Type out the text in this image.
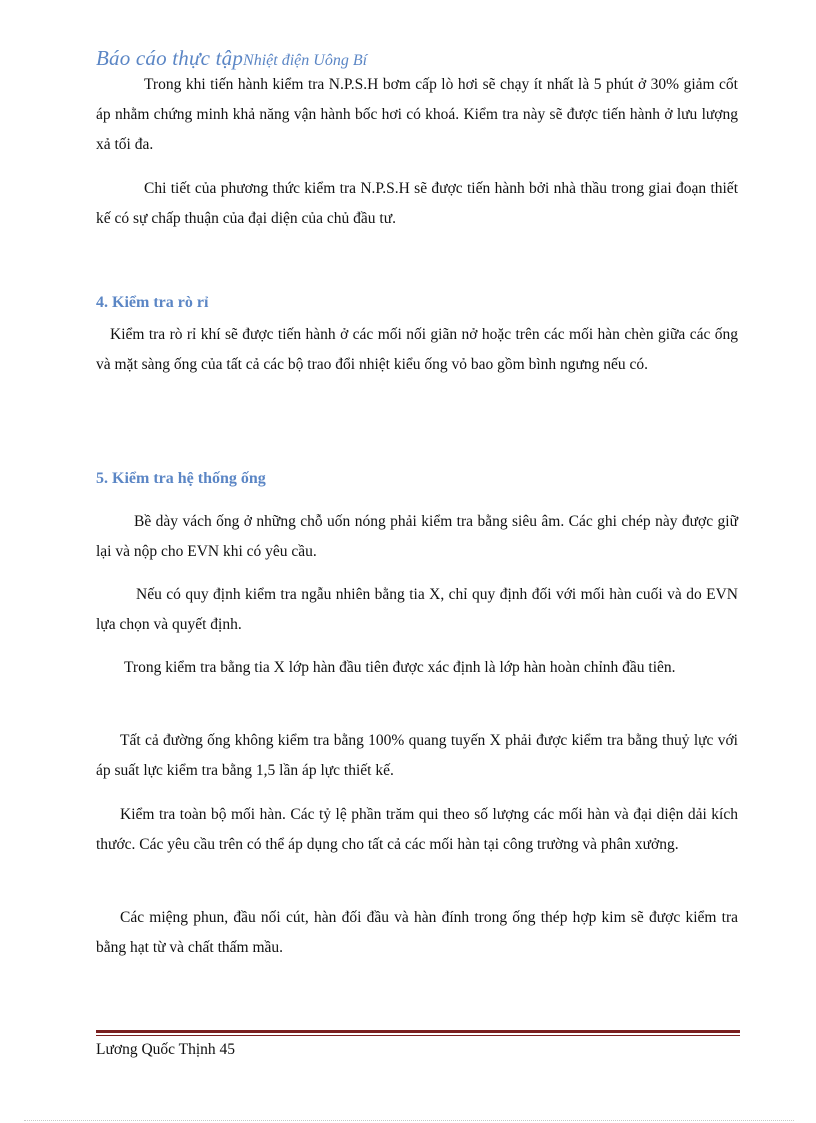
Báo cáo thực tậpNhiệt điện Uông Bí

Trong khi tiến hành kiểm tra N.P.S.H bơm cấp lò hơi sẽ chạy ít nhất là 5 phút ở 30% giảm cốt áp nhằm chứng minh khả năng vận hành bốc hơi có khoá. Kiểm tra này sẽ được tiến hành ở lưu lượng xả tối đa.

Chi tiết của phương thức kiểm tra N.P.S.H sẽ được tiến hành bởi nhà thầu trong giai đoạn thiết kế có sự chấp thuận của đại diện của chủ đầu tư.

4. Kiểm tra rò rỉ

Kiểm tra rò rỉ khí sẽ được tiến hành ở các mối nối giãn nở hoặc trên các mối hàn chèn giữa các ống và mặt sàng ống của tất cả các bộ trao đổi nhiệt kiểu ống vỏ bao gồm bình ngưng nếu có.

5. Kiểm tra hệ thống ống

Bề dày vách ống ở những chỗ uốn nóng phải kiểm tra bằng siêu âm. Các ghi chép này được giữ lại và nộp cho EVN khi có yêu cầu.

Nếu có quy định kiểm tra ngẫu nhiên bằng tia X, chỉ quy định đối với mối hàn cuối và do EVN lựa chọn và quyết định.

Trong kiểm tra bằng tia X lớp hàn đầu tiên được xác định là lớp hàn hoàn chỉnh đầu tiên.

Tất cả đường ống không kiểm tra bằng 100% quang tuyến X phải được kiểm tra bằng thuỷ lực với áp suất lực kiểm tra bằng 1,5 lần áp lực thiết kế.

Kiểm tra toàn bộ mối hàn. Các tỷ lệ phần trăm qui theo số lượng các mối hàn và đại diện dải kích thước. Các yêu cầu trên có thể áp dụng cho tất cả các mối hàn tại công trường và phân xưởng.

Các miệng phun, đầu nối cút, hàn đối đầu và hàn đính trong ống thép hợp kim sẽ được kiểm tra bằng hạt từ và chất thấm mầu.

Lương Quốc Thịnh 45
